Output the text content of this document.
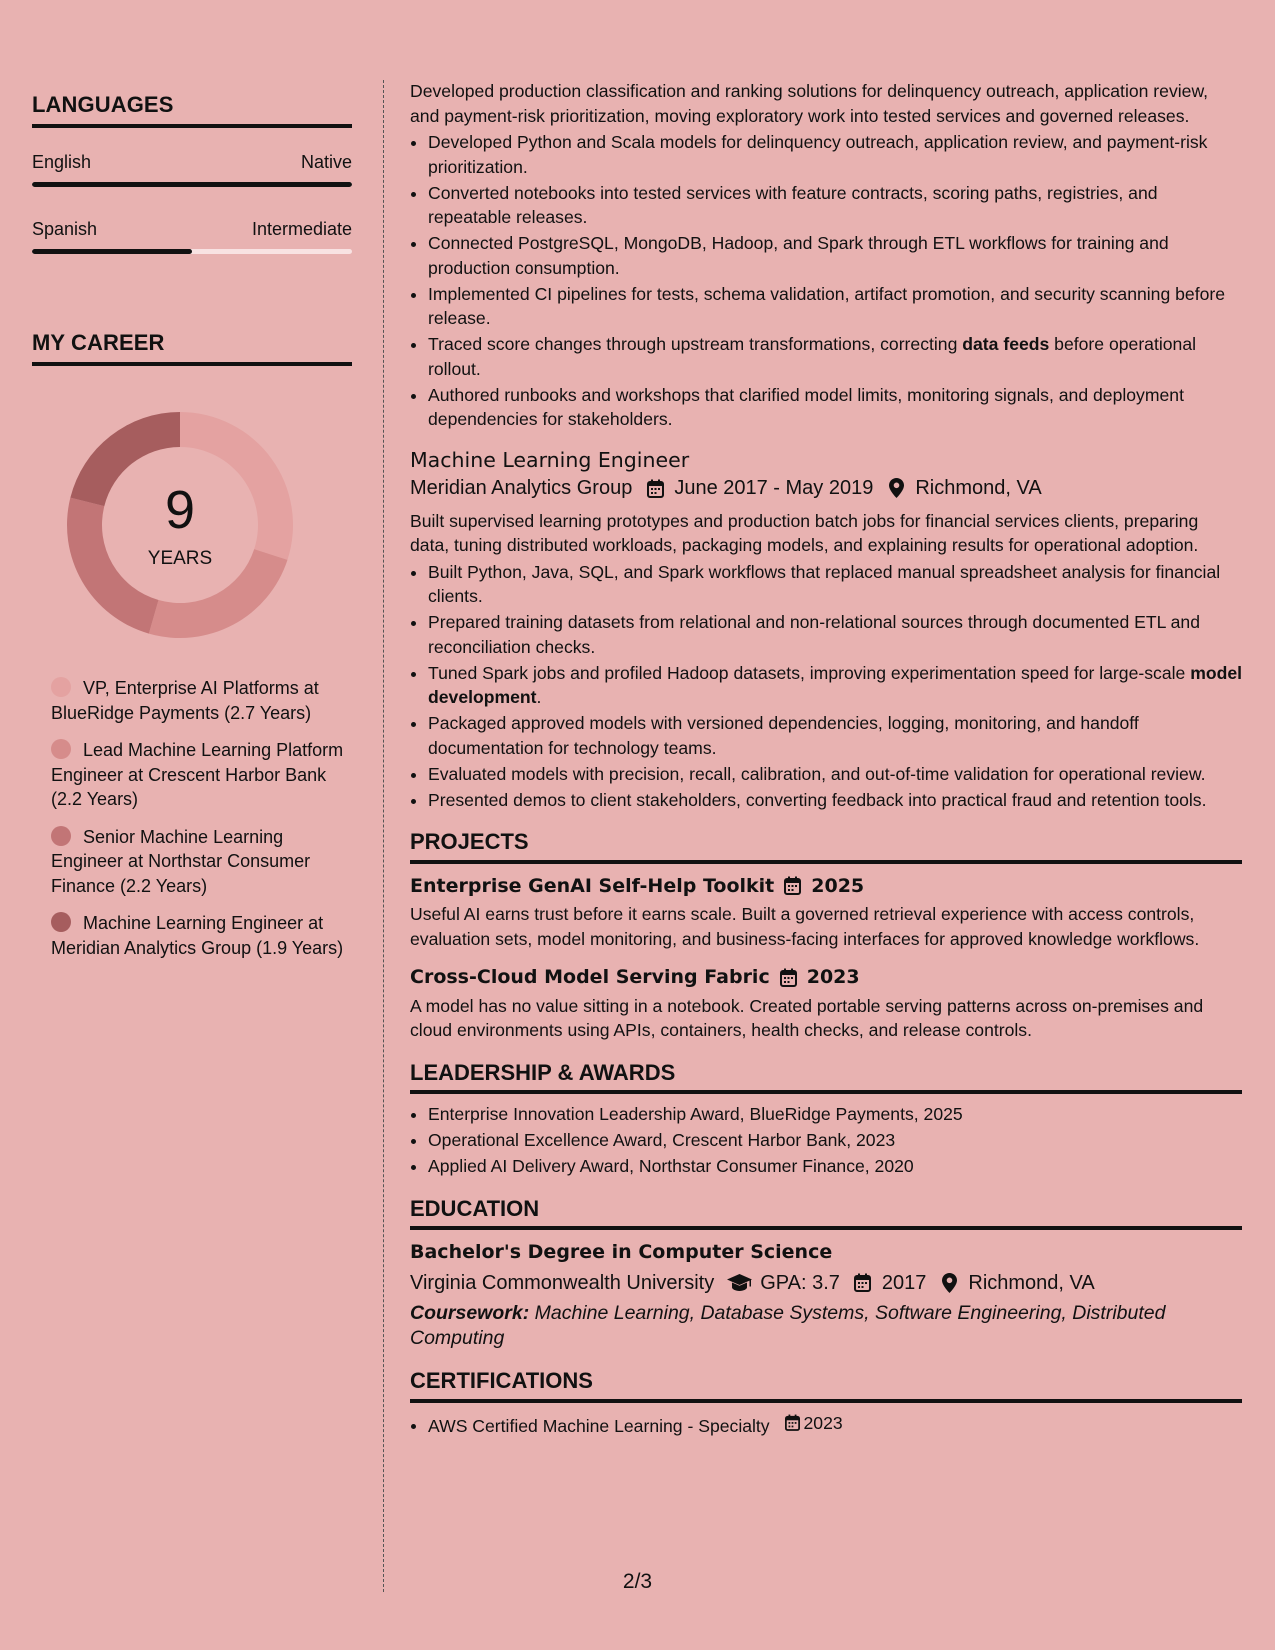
LANGUAGES
English	Native
Spanish	Intermediate
MY CAREER
9
YEARS
VP, Enterprise AI Platforms at BlueRidge Payments (2.7 Years)
Lead Machine Learning Platform Engineer at Crescent Harbor Bank (2.2 Years)
Senior Machine Learning Engineer at Northstar Consumer Finance (2.2 Years)
Machine Learning Engineer at Meridian Analytics Group (1.9 Years)

Developed production classification and ranking solutions for delinquency outreach, application review, and payment-risk prioritization, moving exploratory work into tested services and governed releases.

• Developed Python and Scala models for delinquency outreach, application review, and payment-risk prioritization.
• Converted notebooks into tested services with feature contracts, scoring paths, registries, and repeatable releases.
• Connected PostgreSQL, MongoDB, Hadoop, and Spark through ETL workflows for training and production consumption.
• Implemented CI pipelines for tests, schema validation, artifact promotion, and security scanning before release.
• Traced score changes through upstream transformations, correcting data feeds before operational rollout.
• Authored runbooks and workshops that clarified model limits, monitoring signals, and deployment dependencies for stakeholders.
Machine Learning Engineer
Meridian Analytics Group June 2017 - May 2019 Richmond, VA

Built supervised learning prototypes and production batch jobs for financial services clients, preparing data, tuning distributed workloads, packaging models, and explaining results for operational adoption.

• Built Python, Java, SQL, and Spark workflows that replaced manual spreadsheet analysis for financial clients.
• Prepared training datasets from relational and non-relational sources through documented ETL and reconciliation checks.
• Tuned Spark jobs and profiled Hadoop datasets, improving experimentation speed for large-scale model development.
• Packaged approved models with versioned dependencies, logging, monitoring, and handoff documentation for technology teams.
• Evaluated models with precision, recall, calibration, and out-of-time validation for operational review.
• Presented demos to client stakeholders, converting feedback into practical fraud and retention tools.
PROJECTS
Enterprise GenAI Self-Help Toolkit 2025

Useful AI earns trust before it earns scale. Built a governed retrieval experience with access controls, evaluation sets, model monitoring, and business-facing interfaces for approved knowledge workflows.

Cross-Cloud Model Serving Fabric 2023

A model has no value sitting in a notebook. Created portable serving patterns across on-premises and cloud environments using APIs, containers, health checks, and release controls.

LEADERSHIP & AWARDS
• Enterprise Innovation Leadership Award, BlueRidge Payments, 2025
• Operational Excellence Award, Crescent Harbor Bank, 2023
• Applied AI Delivery Award, Northstar Consumer Finance, 2020
EDUCATION
Bachelor's Degree in Computer Science
Virginia Commonwealth University GPA: 3.7 2017 Richmond, VA
Coursework: Machine Learning, Database Systems, Software Engineering, Distributed Computing
CERTIFICATIONS
• AWS Certified Machine Learning - Specialty 2023
2/3
